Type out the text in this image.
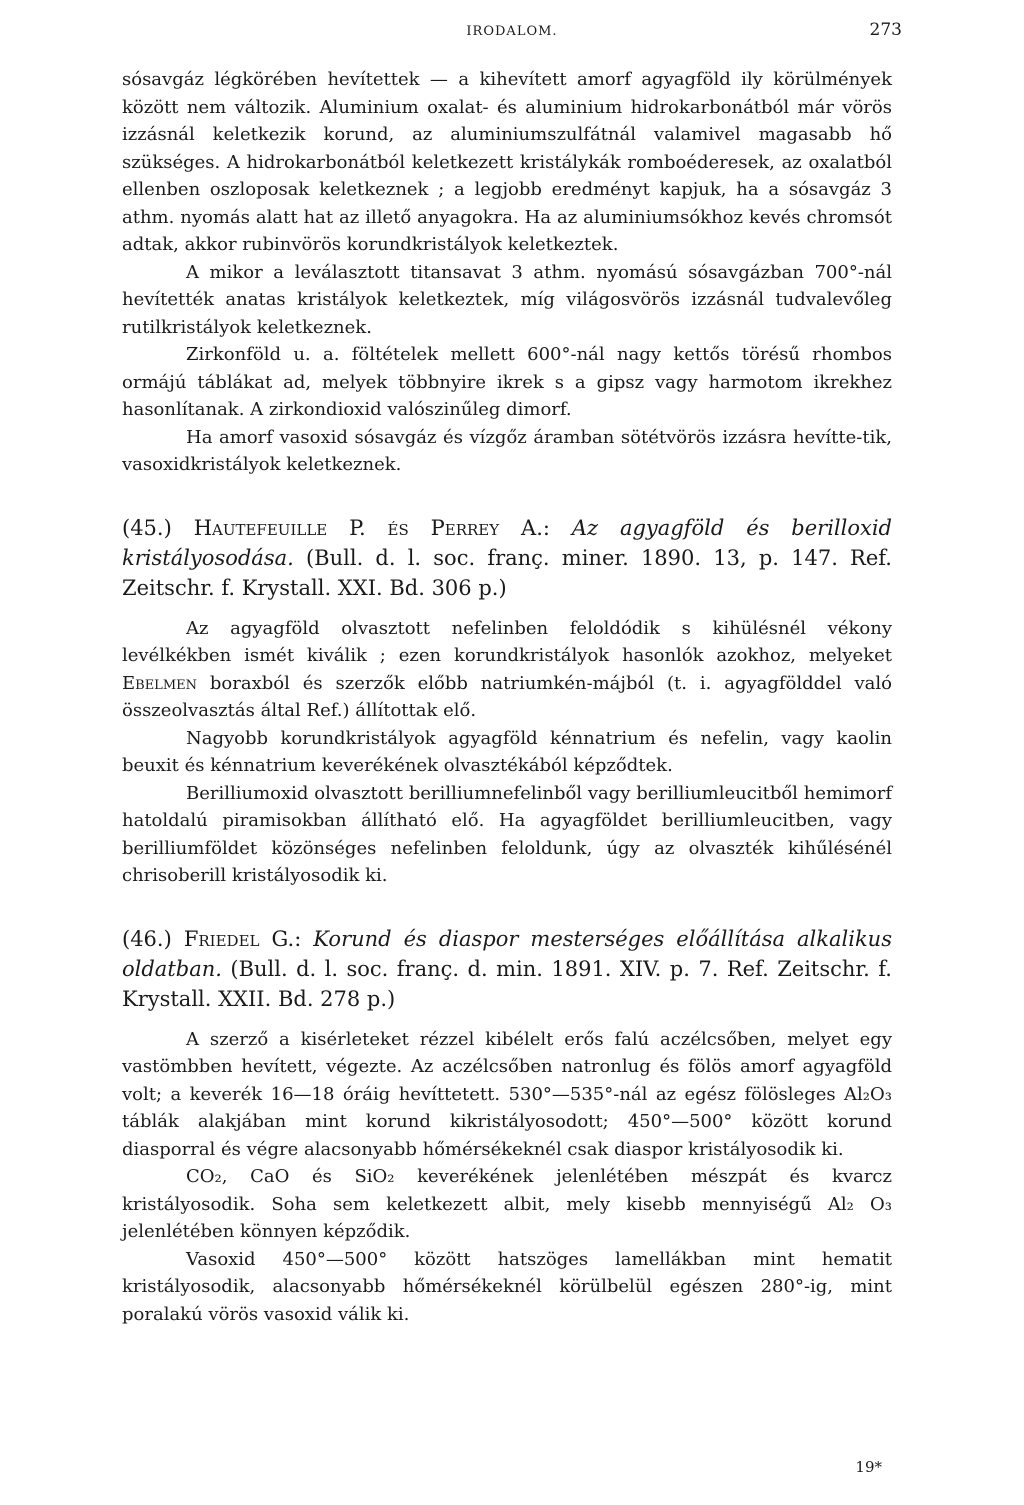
IRODALOM.	273

sósavgáz légkörében hevítettek — a kihevített amorf agyagföld ily körülmények között nem változik. Aluminium oxalat- és aluminium hidrokarbonátból már vörös izzásnál keletkezik korund, az aluminiumszulfátnál valamivel magasabb hő szükséges. A hidrokarbonátból keletkezett kristálykák romboéderesek, az oxalatból ellenben oszloposak keletkeznek ; a legjobb eredményt kapjuk, ha a sósavgáz 3 athm. nyomás alatt hat az illető anyagokra. Ha az aluminiumsókhoz kevés chromsót adtak, akkor rubinvörös korundkristályok keletkeztek.

A mikor a leválasztott titansavat 3 athm. nyomású sósavgázban 700°-nál hevítették anatas kristályok keletkeztek, míg világosvörös izzásnál tudvalevőleg rutilkristályok keletkeznek.

Zirkonföld u. a. föltételek mellett 600°-nál nagy kettős törésű rhombos ormájú táblákat ad, melyek többnyire ikrek s a gipsz vagy harmotom ikrekhez hasonlítanak. A zirkondioxid valószinűleg dimorf.

Ha amorf vasoxid sósavgáz és vízgőz áramban sötétvörös izzásra hevítte-tik, vasoxidkristályok keletkeznek.

(45.) Hautefeuille P. és Perrey A.: Az agyagföld és berilloxid kristályosodása. (Bull. d. l. soc. franç. miner. 1890. 13, p. 147. Ref. Zeitschr. f. Krystall. XXI. Bd. 306 p.)

Az agyagföld olvasztott nefelinben feloldódik s kihülésnél vékony levélkékben ismét kiválik ; ezen korundkristályok hasonlók azokhoz, melyeket Ebelmen boraxból és szerzők előbb natriumkén-májból (t. i. agyagfölddel való összeolvasztás által Ref.) állítottak elő.

Nagyobb korundkristályok agyagföld kénnatrium és nefelin, vagy kaolin beuxit és kénnatrium keverékének olvasztékából képződtek.

Berilliumoxid olvasztott berilliumnefelinből vagy berilliumleucitből hemimorf hatoldalú piramisokban állítható elő. Ha agyagföldet berilliumleucitben, vagy berilliumföldet közönséges nefelinben feloldunk, úgy az olvaszték kihűlésénél chrisoberill kristályosodik ki.

(46.) Friedel G.: Korund és diaspor mesterséges előállítása alkalikus oldatban. (Bull. d. l. soc. franç. d. min. 1891. XIV. p. 7. Ref. Zeitschr. f. Krystall. XXII. Bd. 278 p.)

A szerző a kisérleteket rézzel kibélelt erős falú aczélcsőben, melyet egy vastömbben hevített, végezte. Az aczélcsőben natronlug és fölös amorf agyagföld volt; a keverék 16—18 óráig hevíttetett. 530°—535°-nál az egész fölösleges Al₂O₃ táblák alakjában mint korund kikristályosodott; 450°—500° között korund diasporral és végre alacsonyabb hőmérsékeknél csak diaspor kristályosodik ki.

CO₂, CaO és SiO₂ keverékének jelenlétében mészpát és kvarcz kristályosodik. Soha sem keletkezett albit, mely kisebb mennyiségű Al₂ O₃ jelenlétében könnyen képződik.

Vasoxid 450°—500° között hatszöges lamellákban mint hematit kristályosodik, alacsonyabb hőmérsékeknél körülbelül egészen 280°-ig, mint poralakú vörös vasoxid válik ki.

19*
